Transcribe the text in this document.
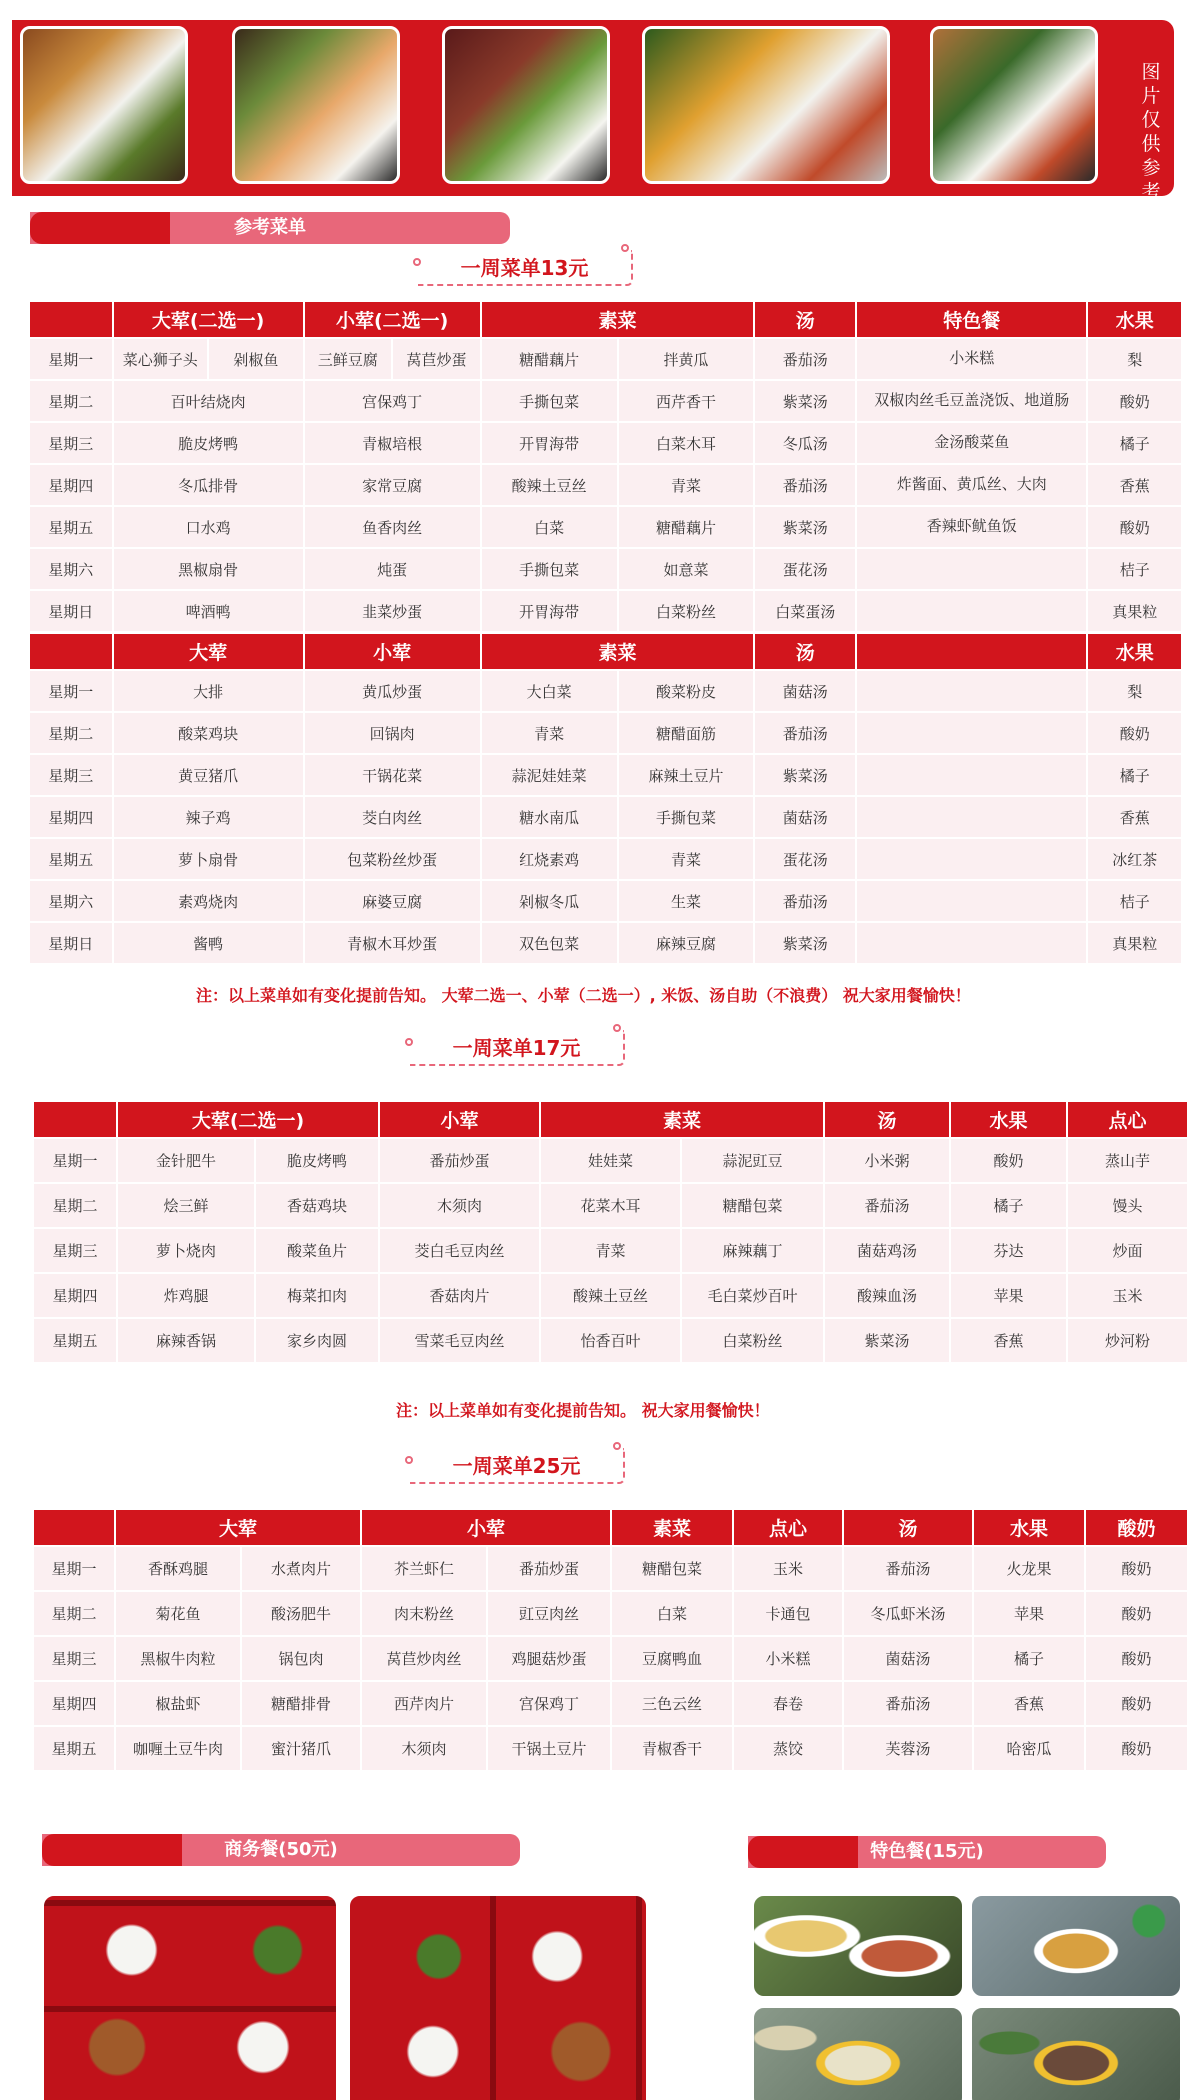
图片仅供参考
参考菜单
一周菜单13元
	大荤(二选一)		小荤(二选一)		素菜		汤	特色餐	水果
星期一	菜心狮子头	剁椒鱼	三鲜豆腐	莴苣炒蛋	糖醋藕片	拌黄瓜	番茄汤	小米糕	梨
星期二	百叶结烧肉		宫保鸡丁		手撕包菜	西芹香干	紫菜汤	双椒肉丝毛豆盖浇饭、地道肠	酸奶
星期三	脆皮烤鸭		青椒培根		开胃海带	白菜木耳	冬瓜汤	金汤酸菜鱼	橘子
星期四	冬瓜排骨		家常豆腐		酸辣土豆丝	青菜	番茄汤	炸酱面、黄瓜丝、大肉	香蕉
星期五	口水鸡		鱼香肉丝		白菜	糖醋藕片	紫菜汤	香辣虾鱿鱼饭	酸奶
星期六	黑椒扇骨		炖蛋		手撕包菜	如意菜	蛋花汤		桔子
星期日	啤酒鸭		韭菜炒蛋		开胃海带	白菜粉丝	白菜蛋汤		真果粒
	大荤	小荤	素菜		汤		水果
星期一	大排	黄瓜炒蛋	大白菜	酸菜粉皮	菌菇汤		梨
星期二	酸菜鸡块	回锅肉	青菜	糖醋面筋	番茄汤		酸奶
星期三	黄豆猪爪	干锅花菜	蒜泥娃娃菜	麻辣土豆片	紫菜汤		橘子
星期四	辣子鸡	茭白肉丝	糖水南瓜	手撕包菜	菌菇汤		香蕉
星期五	萝卜扇骨	包菜粉丝炒蛋	红烧素鸡	青菜	蛋花汤		冰红茶
星期六	素鸡烧肉	麻婆豆腐	剁椒冬瓜	生菜	番茄汤		桔子
星期日	酱鸭	青椒木耳炒蛋	双色包菜	麻辣豆腐	紫菜汤		真果粒
注：以上菜单如有变化提前告知。 大荤二选一、小荤（二选一）, 米饭、汤自助（不浪费） 祝大家用餐愉快！
一周菜单17元
	大荤(二选一)		小荤	素菜		汤	水果	点心
星期一	金针肥牛	脆皮烤鸭	番茄炒蛋	娃娃菜	蒜泥豇豆	小米粥	酸奶	蒸山芋
星期二	烩三鲜	香菇鸡块	木须肉	花菜木耳	糖醋包菜	番茄汤	橘子	馒头
星期三	萝卜烧肉	酸菜鱼片	茭白毛豆肉丝	青菜	麻辣藕丁	菌菇鸡汤	芬达	炒面
星期四	炸鸡腿	梅菜扣肉	香菇肉片	酸辣土豆丝	毛白菜炒百叶	酸辣血汤	苹果	玉米
星期五	麻辣香锅	家乡肉圆	雪菜毛豆肉丝	怡香百叶	白菜粉丝	紫菜汤	香蕉	炒河粉
注：以上菜单如有变化提前告知。 祝大家用餐愉快！
一周菜单25元
	大荤		小荤		素菜	点心	汤	水果	酸奶
星期一	香酥鸡腿	水煮肉片	芥兰虾仁	番茄炒蛋	糖醋包菜	玉米	番茄汤	火龙果	酸奶
星期二	菊花鱼	酸汤肥牛	肉末粉丝	豇豆肉丝	白菜	卡通包	冬瓜虾米汤	苹果	酸奶
星期三	黑椒牛肉粒	锅包肉	莴苣炒肉丝	鸡腿菇炒蛋	豆腐鸭血	小米糕	菌菇汤	橘子	酸奶
星期四	椒盐虾	糖醋排骨	西芹肉片	宫保鸡丁	三色云丝	春卷	番茄汤	香蕉	酸奶
星期五	咖喱土豆牛肉	蜜汁猪爪	木须肉	干锅土豆片	青椒香干	蒸饺	芙蓉汤	哈密瓜	酸奶
商务餐(50元)	特色餐(15元)
